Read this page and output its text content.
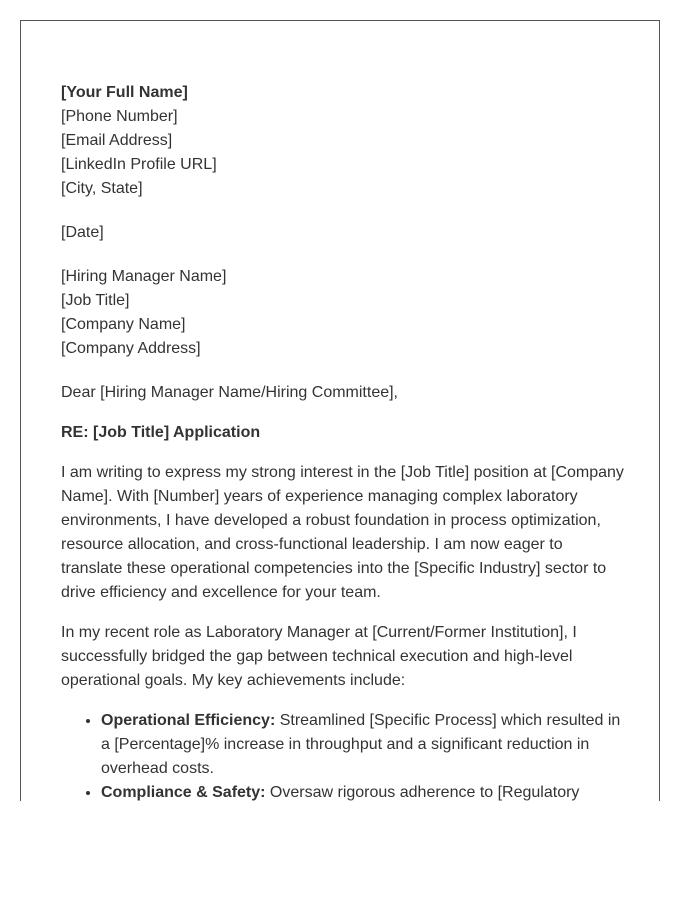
[Your Full Name]
[Phone Number]
[Email Address]
[LinkedIn Profile URL]
[City, State]
[Date]
[Hiring Manager Name]
[Job Title]
[Company Name]
[Company Address]

Dear [Hiring Manager Name/Hiring Committee],

RE: [Job Title] Application

I am writing to express my strong interest in the [Job Title] position at [Company Name]. With [Number] years of experience managing complex laboratory environments, I have developed a robust foundation in process optimization, resource allocation, and cross-functional leadership. I am now eager to translate these operational competencies into the [Specific Industry] sector to drive efficiency and excellence for your team.

In my recent role as Laboratory Manager at [Current/Former Institution], I successfully bridged the gap between technical execution and high-level operational goals. My key achievements include:

• Operational Efficiency: Streamlined [Specific Process] which resulted in a [Percentage]% increase in throughput and a significant reduction in overhead costs.
• Compliance & Safety: Oversaw rigorous adherence to [Regulatory
